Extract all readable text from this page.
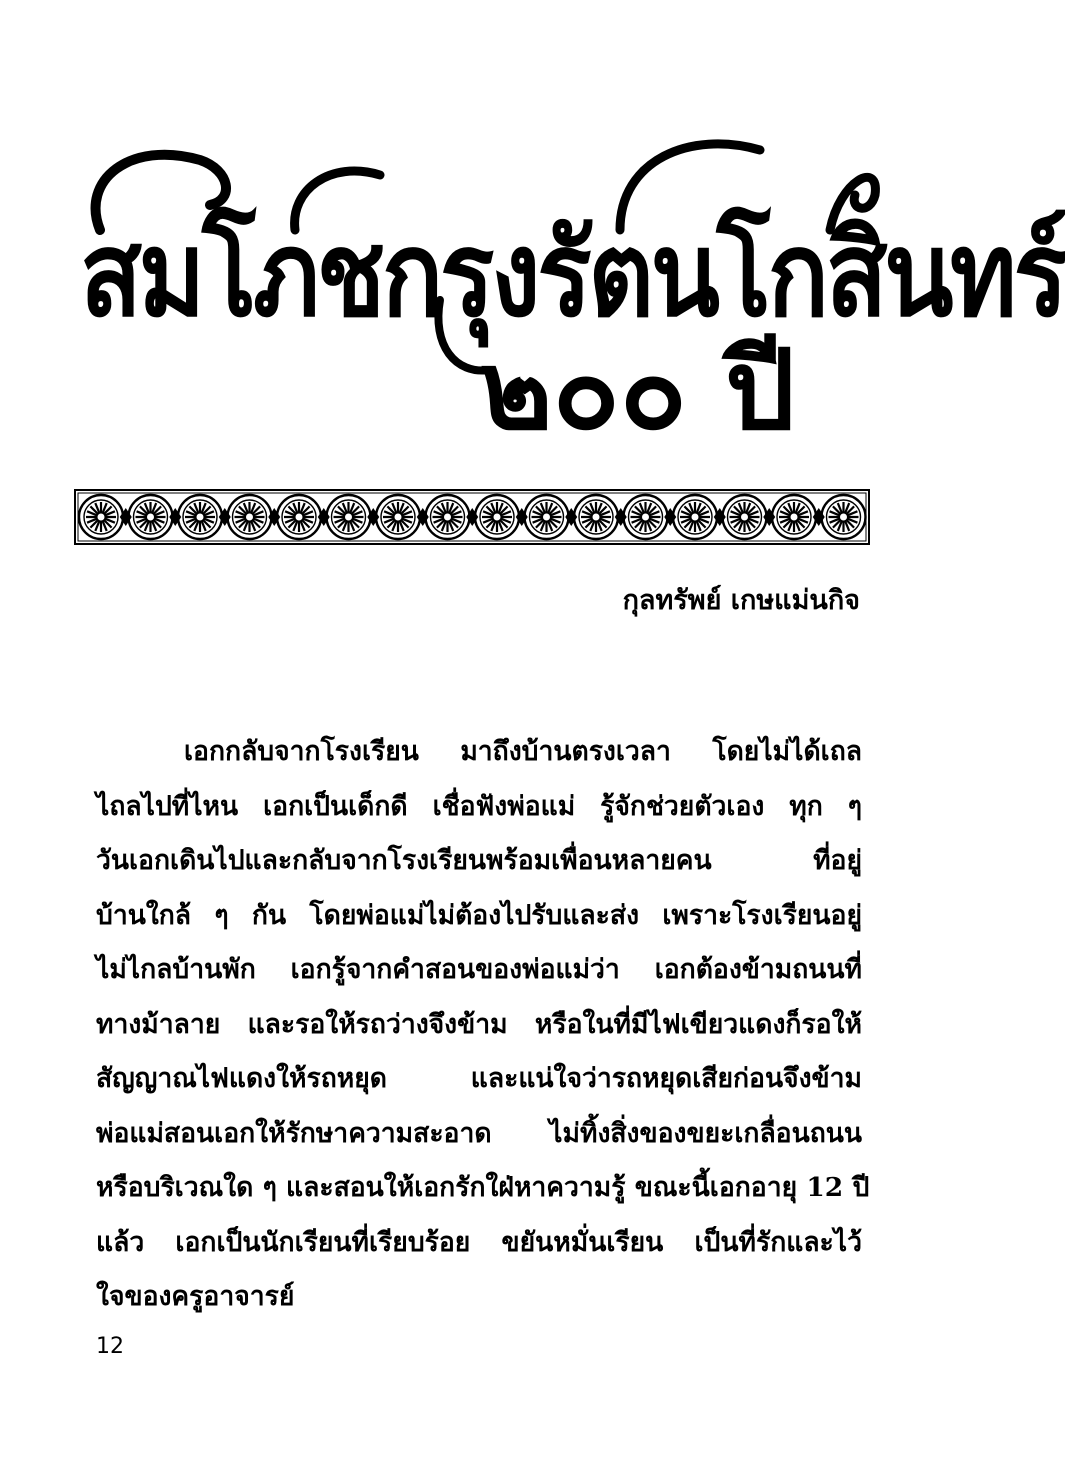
สมโภชกรุงรัตนโกสินทร์
๒๐๐ ปี
กุลทรัพย์ เกษแม่นกิจ
เอกกลับจากโรงเรียน มาถึงบ้านตรงเวลา โดยไม่ได้เถล
ไถลไปที่ไหน เอกเป็นเด็กดี เชื่อฟังพ่อแม่ รู้จักช่วยตัวเอง ทุก ๆ
วันเอกเดินไปและกลับจากโรงเรียนพร้อมเพื่อนหลายคน ที่อยู่
บ้านใกล้ ๆ กัน โดยพ่อแม่ไม่ต้องไปรับและส่ง เพราะโรงเรียนอยู่
ไม่ไกลบ้านพัก เอกรู้จากคำสอนของพ่อแม่ว่า เอกต้องข้ามถนนที่
ทางม้าลาย และรอให้รถว่างจึงข้าม หรือในที่มีไฟเขียวแดงก็รอให้
สัญญาณไฟแดงให้รถหยุด และแน่ใจว่ารถหยุดเสียก่อนจึงข้าม
พ่อแม่สอนเอกให้รักษาความสะอาด ไม่ทิ้งสิ่งของขยะเกลื่อนถนน
หรือบริเวณใด ๆ และสอนให้เอกรักใฝ่หาความรู้ ขณะนี้เอกอายุ 12 ปี
แล้ว เอกเป็นนักเรียนที่เรียบร้อย ขยันหมั่นเรียน เป็นที่รักและไว้
ใจของครูอาจารย์
12
